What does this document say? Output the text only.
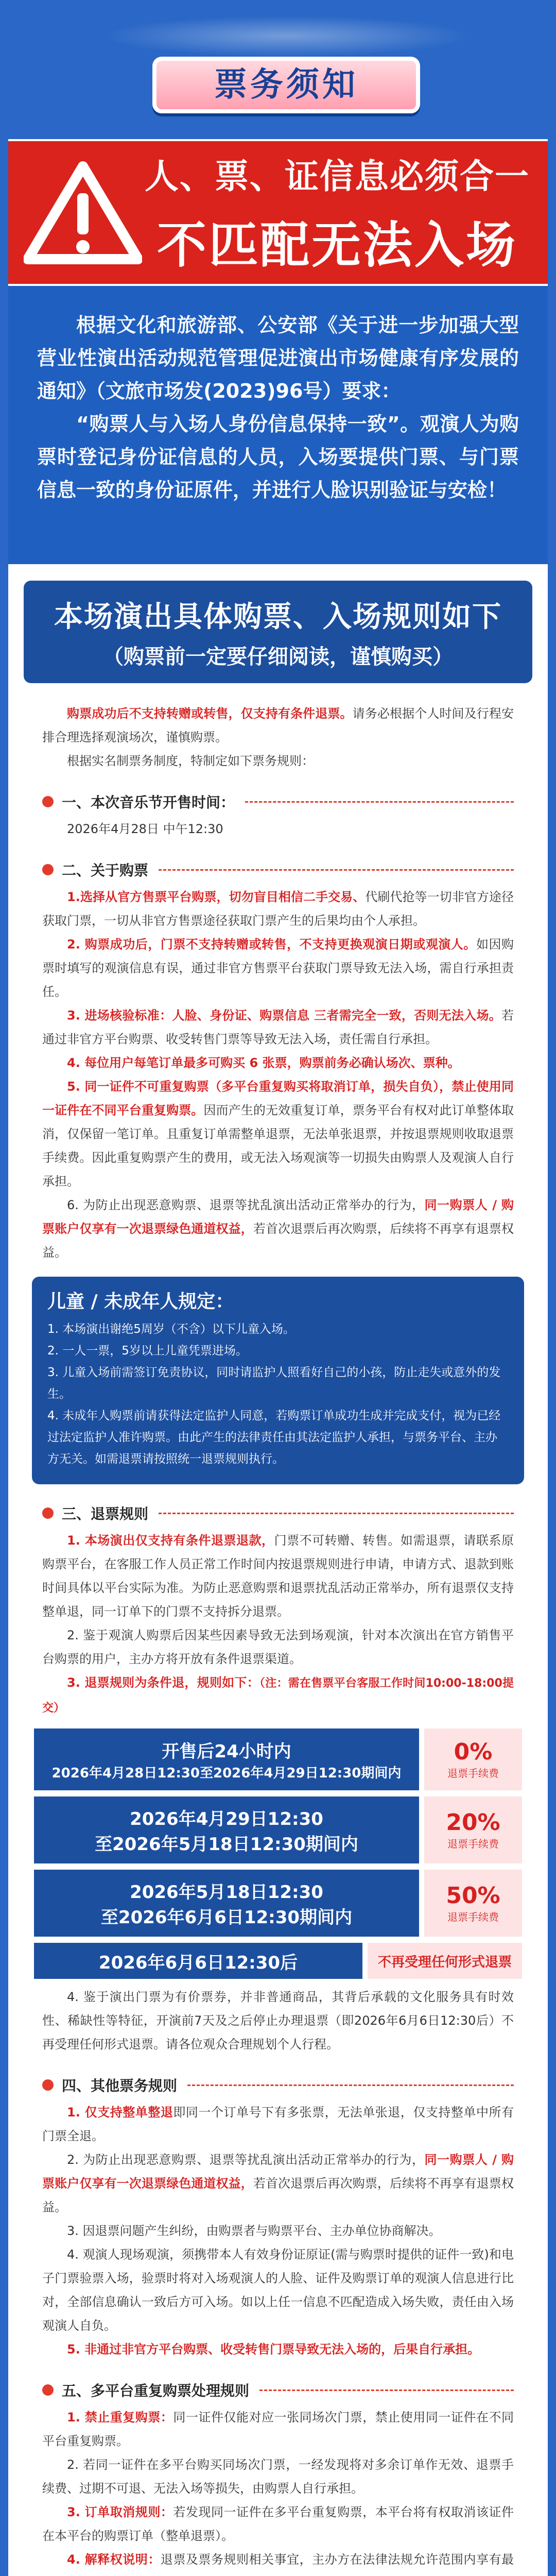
票务须知
人、票、证信息必须合一
不匹配无法入场

根据文化和旅游部、公安部《关于进一步加强大型营业性演出活动规范管理促进演出市场健康有序发展的通知》（文旅市场发(2023)96号）要求：

“购票人与入场人身份信息保持一致”。观演人为购票时登记身份证信息的人员，入场要提供门票、与门票信息一致的身份证原件，并进行人脸识别验证与安检！

本场演出具体购票、入场规则如下
（购票前一定要仔细阅读，谨慎购买）

购票成功后不支持转赠或转售，仅支持有条件退票。请务必根据个人时间及行程安排合理选择观演场次，谨慎购票。

根据实名制票务制度，特制定如下票务规则：

一、本次音乐节开售时间：

2026年4月28日 中午12:30

二、关于购票

1.选择从官方售票平台购票，切勿盲目相信二手交易、代刷代抢等一切非官方途径获取门票，一切从非官方售票途径获取门票产生的后果均由个人承担。

2. 购票成功后，门票不支持转赠或转售，不支持更换观演日期或观演人。如因购票时填写的观演信息有误，通过非官方售票平台获取门票导致无法入场，需自行承担责任。

3. 进场核验标准：人脸、身份证、购票信息 三者需完全一致，否则无法入场。若通过非官方平台购票、收受转售门票等导致无法入场，责任需自行承担。

4. 每位用户每笔订单最多可购买 6 张票，购票前务必确认场次、票种。

5. 同一证件不可重复购票（多平台重复购买将取消订单，损失自负），禁止使用同一证件在不同平台重复购票。因而产生的无效重复订单，票务平台有权对此订单整体取消，仅保留一笔订单。且重复订单需整单退票，无法单张退票，并按退票规则收取退票手续费。因此重复购票产生的费用，或无法入场观演等一切损失由购票人及观演人自行承担。

6. 为防止出现恶意购票、退票等扰乱演出活动正常举办的行为，同一购票人 / 购票账户仅享有一次退票绿色通道权益，若首次退票后再次购票，后续将不再享有退票权益。

儿童 / 未成年人规定：
1. 本场演出谢绝5周岁（不含）以下儿童入场。
2. 一人一票，5岁以上儿童凭票进场。
3. 儿童入场前需签订免责协议，同时请监护人照看好自己的小孩，防止走失或意外的发生。
4. 未成年人购票前请获得法定监护人同意，若购票订单成功生成并完成支付，视为已经过法定监护人准许购票。由此产生的法律责任由其法定监护人承担，与票务平台、主办方无关。如需退票请按照统一退票规则执行。
三、退票规则

1. 本场演出仅支持有条件退票退款，门票不可转赠、转售。如需退票，请联系原购票平台，在客服工作人员正常工作时间内按退票规则进行申请，申请方式、退款到账时间具体以平台实际为准。为防止恶意购票和退票扰乱活动正常举办，所有退票仅支持整单退，同一订单下的门票不支持拆分退票。

2. 鉴于观演人购票后因某些因素导致无法到场观演，针对本次演出在官方销售平台购票的用户，主办方将开放有条件退票渠道。

3. 退票规则为条件退，规则如下：（注：需在售票平台客服工作时间10:00-18:00提交）

开售后24小时内
2026年4月28日12:30至2026年4月29日12:30期间内
0%
退票手续费
2026年4月29日12:30
至2026年5月18日12:30期间内
20%
退票手续费
2026年5月18日12:30
至2026年6月6日12:30期间内
50%
退票手续费
2026年6月6日12:30后	不再受理任何形式退票

4. 鉴于演出门票为有价票券，并非普通商品，其背后承载的文化服务具有时效性、稀缺性等特征，开演前7天及之后停止办理退票（即2026年6月6日12:30后）不再受理任何形式退票。请各位观众合理规划个人行程。

四、其他票务规则

1. 仅支持整单整退即同一个订单号下有多张票，无法单张退，仅支持整单中所有门票全退。

2. 为防止出现恶意购票、退票等扰乱演出活动正常举办的行为，同一购票人 / 购票账户仅享有一次退票绿色通道权益，若首次退票后再次购票，后续将不再享有退票权益。

3. 因退票问题产生纠纷，由购票者与购票平台、主办单位协商解决。

4. 观演人现场观演，须携带本人有效身份证原证(需与购票时提供的证件一致)和电子门票验票入场，验票时将对入场观演人的人脸、证件及购票订单的观演人信息进行比对，全部信息确认一致后方可入场。如以上任一信息不匹配造成入场失败，责任由入场观演人自负。

5. 非通过非官方平台购票、收受转售门票导致无法入场的，后果自行承担。

五、多平台重复购票处理规则

1. 禁止重复购票：同一证件仅能对应一张同场次门票，禁止使用同一证件在不同平台重复购票。

2. 若同一证件在多平台购买同场次门票，一经发现将对多余订单作无效、退票手续费、过期不可退、无法入场等损失，由购票人自行承担。

3. 订单取消规则：若发现同一证件在多平台重复购票，本平台将有权取消该证件在本平台的购票订单（整单退票）。

4. 解释权说明：退票及票务规则相关事宜，主办方在法律法规允许范围内享有最
